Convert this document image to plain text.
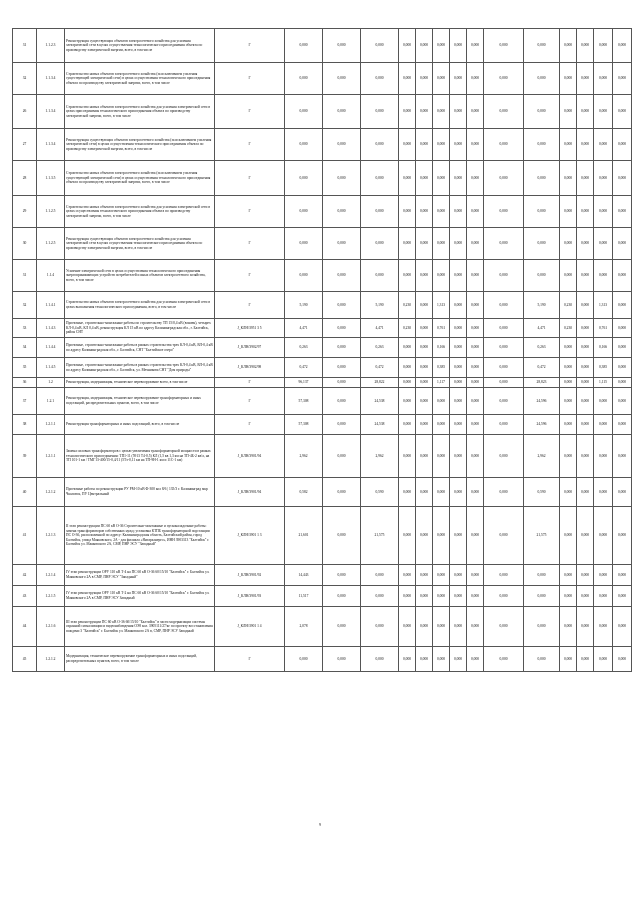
31	1.1.2.3	Реконструкция существующих объектов электросетевого хозяйства для усиления электрической сети в целях осуществления технологического присоединения объекта по производству электрической энергии, всего, в том числе	Г	0,000	0,000	0,000	0,000	0,000	0,000	0,000	0,000	0,000	0,000	0,000	0,000	0,000	0,000
32	1.1.3.4	Строительство новых объектов электросетевого хозяйства (за исключением усиления существующей электрической сети) в целях осуществления технологического присоединения объекта по производству электрической энергии, всего, в том числе	Г	0,000	0,000	0,000	0,000	0,000	0,000	0,000	0,000	0,000	0,000	0,000	0,000	0,000	0,000
26	1.1.3.4	Строительство новых объектов электросетевого хозяйства для усиления электрической сети в целях присоединения технологического присоединения объекта по производству электрической энергии, всего, в том числе	Г	0,000	0,000	0,000	0,000	0,000	0,000	0,000	0,000	0,000	0,000	0,000	0,000	0,000	0,000
27	1.1.3.4	Реконструкция существующих объектов электросетевого хозяйства (за исключением усиления электрической сети) в целях осуществления технологического присоединения объекта по производству электрической энергии, всего, в том числе	Г	0,000	0,000	0,000	0,000	0,000	0,000	0,000	0,000	0,000	0,000	0,000	0,000	0,000	0,000
28	1.1.3.5	Строительство новых объектов электросетевого хозяйства (за исключением усиления существующей электрической сети) в целях осуществления технологического присоединения объекта по производству электрической энергии, всего, в том числе	Г	0,000	0,000	0,000	0,000	0,000	0,000	0,000	0,000	0,000	0,000	0,000	0,000	0,000	0,000
29	1.1.2.5	Строительство новых объектов электросетевого хозяйства для усиления электрической сети в целях осуществления технологического присоединения объекта по производству электрической энергии, всего, в том числе	Г	0,000	0,000	0,000	0,000	0,000	0,000	0,000	0,000	0,000	0,000	0,000	0,000	0,000	0,000
30	1.1.2.5	Реконструкция существующих объектов электросетевого хозяйства для усиления электрической сети в целях осуществления технологического присоединения объекта по производству электрической энергии, всего, в том числе	Г	0,000	0,000	0,000	0,000	0,000	0,000	0,000	0,000	0,000	0,000	0,000	0,000	0,000	0,000
31	1.1.4	Усиление электрической сети в целях осуществления технологического присоединения энергопринимающих устройств потребителей и иных объектов электросетевого хозяйства, всего, в том числе	Г	0,000	0,000	0,000	0,000	0,000	0,000	0,000	0,000	0,000	0,000	0,000	0,000	0,000	0,000
32	1.1.4.1	Строительство новых объектов электросетевого хозяйства для усиления электрической сети в целях выполнения технологического присоединения, всего, в том числе	Г	5,190	0,000	5,190	0,230	0,000	1,313	0,000	0,000	0,000	5,190	0,230	0,000	1,313	0,000
33	1.1.4.3	Проектные, строительно-монтажные работы по строительству ТП 15/0,4 кВ (взамен), четырех КЛ-0,4 кВ, КЛ 0,4 кВ, реконструкция КЛ 15 кВ по адресу Калининградская обл., г. Балтийск, район СНТ	J_КЛН/3951 3 5	4,471	0,000	4,471	0,230	0,000	0,761	0,000	0,000	0,000	4,471	0,230	0,000	0,761	0,000
34	1.1.4.4	Проектные, строительно-монтажные работы в рамках строительства трех КЛ-0,4 кВ, ВЛ-0,4 кВ по адресу Калининградская обл., г. Балтийск, СНТ "Балтийское озеро"	J_КЛН/3902/97	0,263	0,000	0,263	0,000	0,000	0,166	0,000	0,000	0,000	0,263	0,000	0,000	0,166	0,000
35	1.1.4.5	Проектные, строительно-монтажные работы в рамках строительства трех КЛ-0,4 кВ, ВЛ-0,4 кВ по адресу Калининградская обл., г. Балтийск, ул. Мечникова СНТ "Дом природы"	J_КЛН/3902/98	0,472	0,000	0,472	0,000	0,000	0,385	0,000	0,000	0,000	0,472	0,000	0,000	0,385	0,000
36	1.2	Реконструкция, модернизация, техническое перевооружение всего, в том числе	Г	96,137	0,000	28,822	0,000	0,000	1,117	0,000	0,000	0,000	28,823	0,000	0,000	1,115	0,000
37	1.2.1	Реконструкция, модернизация, техническое перевооружение трансформаторных и иных подстанций, распределительных пунктов, всего, в том числе	Г	57,308	0,000	24,538	0,000	0,000	0,000	0,000	0,000	0,000	24,596	0,000	0,000	0,000	0,000
38	1.2.1.1	Реконструкция трансформаторных и иных подстанций, всего, в том числе	Г	57,308	0,000	24,538	0,000	0,000	0,000	0,000	0,000	0,000	24,596	0,000	0,000	0,000	0,000
39	1.2.1.1	Замена силовых трансформаторов с целью увеличения трансформаторной мощности в рамках технологического присоединения: ТП1-11 (5913 Т4-0,5) КЛ (1,5 кв 1,3 км на ТП-4Б-2 кв/л, на ТП 101-1 км / ТМГ13-400/15-0,4/11 (5Тэ-0,11 км на ТП-9Н-1 км и 11С-1 км)	J_КЛН/3901/94	2,962	0,000	2,962	0,000	0,000	0,000	0,000	0,000	0,000	2,962	0,000	0,000	0,000	0,000
40	1.2.1.2	Проектные работы по реконструкции РУ РМ-10 кВ Ф-300 кол 8/6 | 135/3 г. Калининград мкр Чкаловск, ПУ Центральный	J_КЛН/3901/94	0,582	0,000	0,590	0,000	0,000	0,000	0,000	0,000	0,000	0,590	0,000	0,000	0,000	0,000
41	1.2.1.3	II этап реконструкции ПС 60 кВ О-36 Строительно-монтажные и пусконаладочные работы: замена трансформаторов собственных нужд; установка КТПБ трансформаторной подстанции ПС О-36, расположенной по адресу: Калининградская область, Балтийский район, город Балтийск, улица Маяковского, 2А - для филиала «Янтарьэнерго», ИНН 3903313 "Балтийск" г. Балтийск ул. Маяковского 2А, СМР, ПНР ЭСУ "Западный"	J_КЛН/3901 1 3	21,601	0,000	21,575	0,000	0,000	0,000	0,000	0,000	0,000	21,575	0,000	0,000	0,000	0,000
42	1.2.1.4	IV этап реконструкции ОРУ 110 кВ Т-4 на ПС 60 кВ О-36 60/15/10 "Балтийск" г. Балтийск ул. Маяковского 2А в СМР, ПНР ЭСУ "Западный"	J_КЛН/3901/92	14,443	0,000	0,000	0,000	0,000	0,000	0,000	0,000	0,000	0,000	0,000	0,000	0,000	0,000
43	1.2.1.5	IV этап реконструкции ОРУ 110 кВ Т-2 на ПС 60 кВ О-36 60/15/10 "Балтийск" г. Балтийск ул. Маяковского 2А в СМР, ПНР ЭСУ Западный	J_КЛН/3901/93	11,517	0,000	0,000	0,000	0,000	0,000	0,000	0,000	0,000	0,000	0,000	0,000	0,000	0,000
44	1.2.1.6	III этап реконструкции ПС 60 кВ О-36 60/15/10 "Балтийск" в части модернизации системы охранной сигнализации и видеонаблюдения ОЭ8 кол. 3905111/27/кг по проекту восстановления пождени 3 "Балтийск" г. Балтийск ул. Маяковского 2А в, СМР, ПНР ЭСУ Западный	J_КЛН/3901 1 4	2,078	0,000	0,000	0,000	0,000	0,000	0,000	0,000	0,000	0,000	0,000	0,000	0,000	0,000
45	1.2.1.2	Модернизация, техническое перевооружение трансформаторных и иных подстанций, распределительных пунктов, всего, в том числе	Г	0,000	0,000	0,000	0,000	0,000	0,000	0,000	0,000	0,000	0,000	0,000	0,000	0,000	0,000
9
